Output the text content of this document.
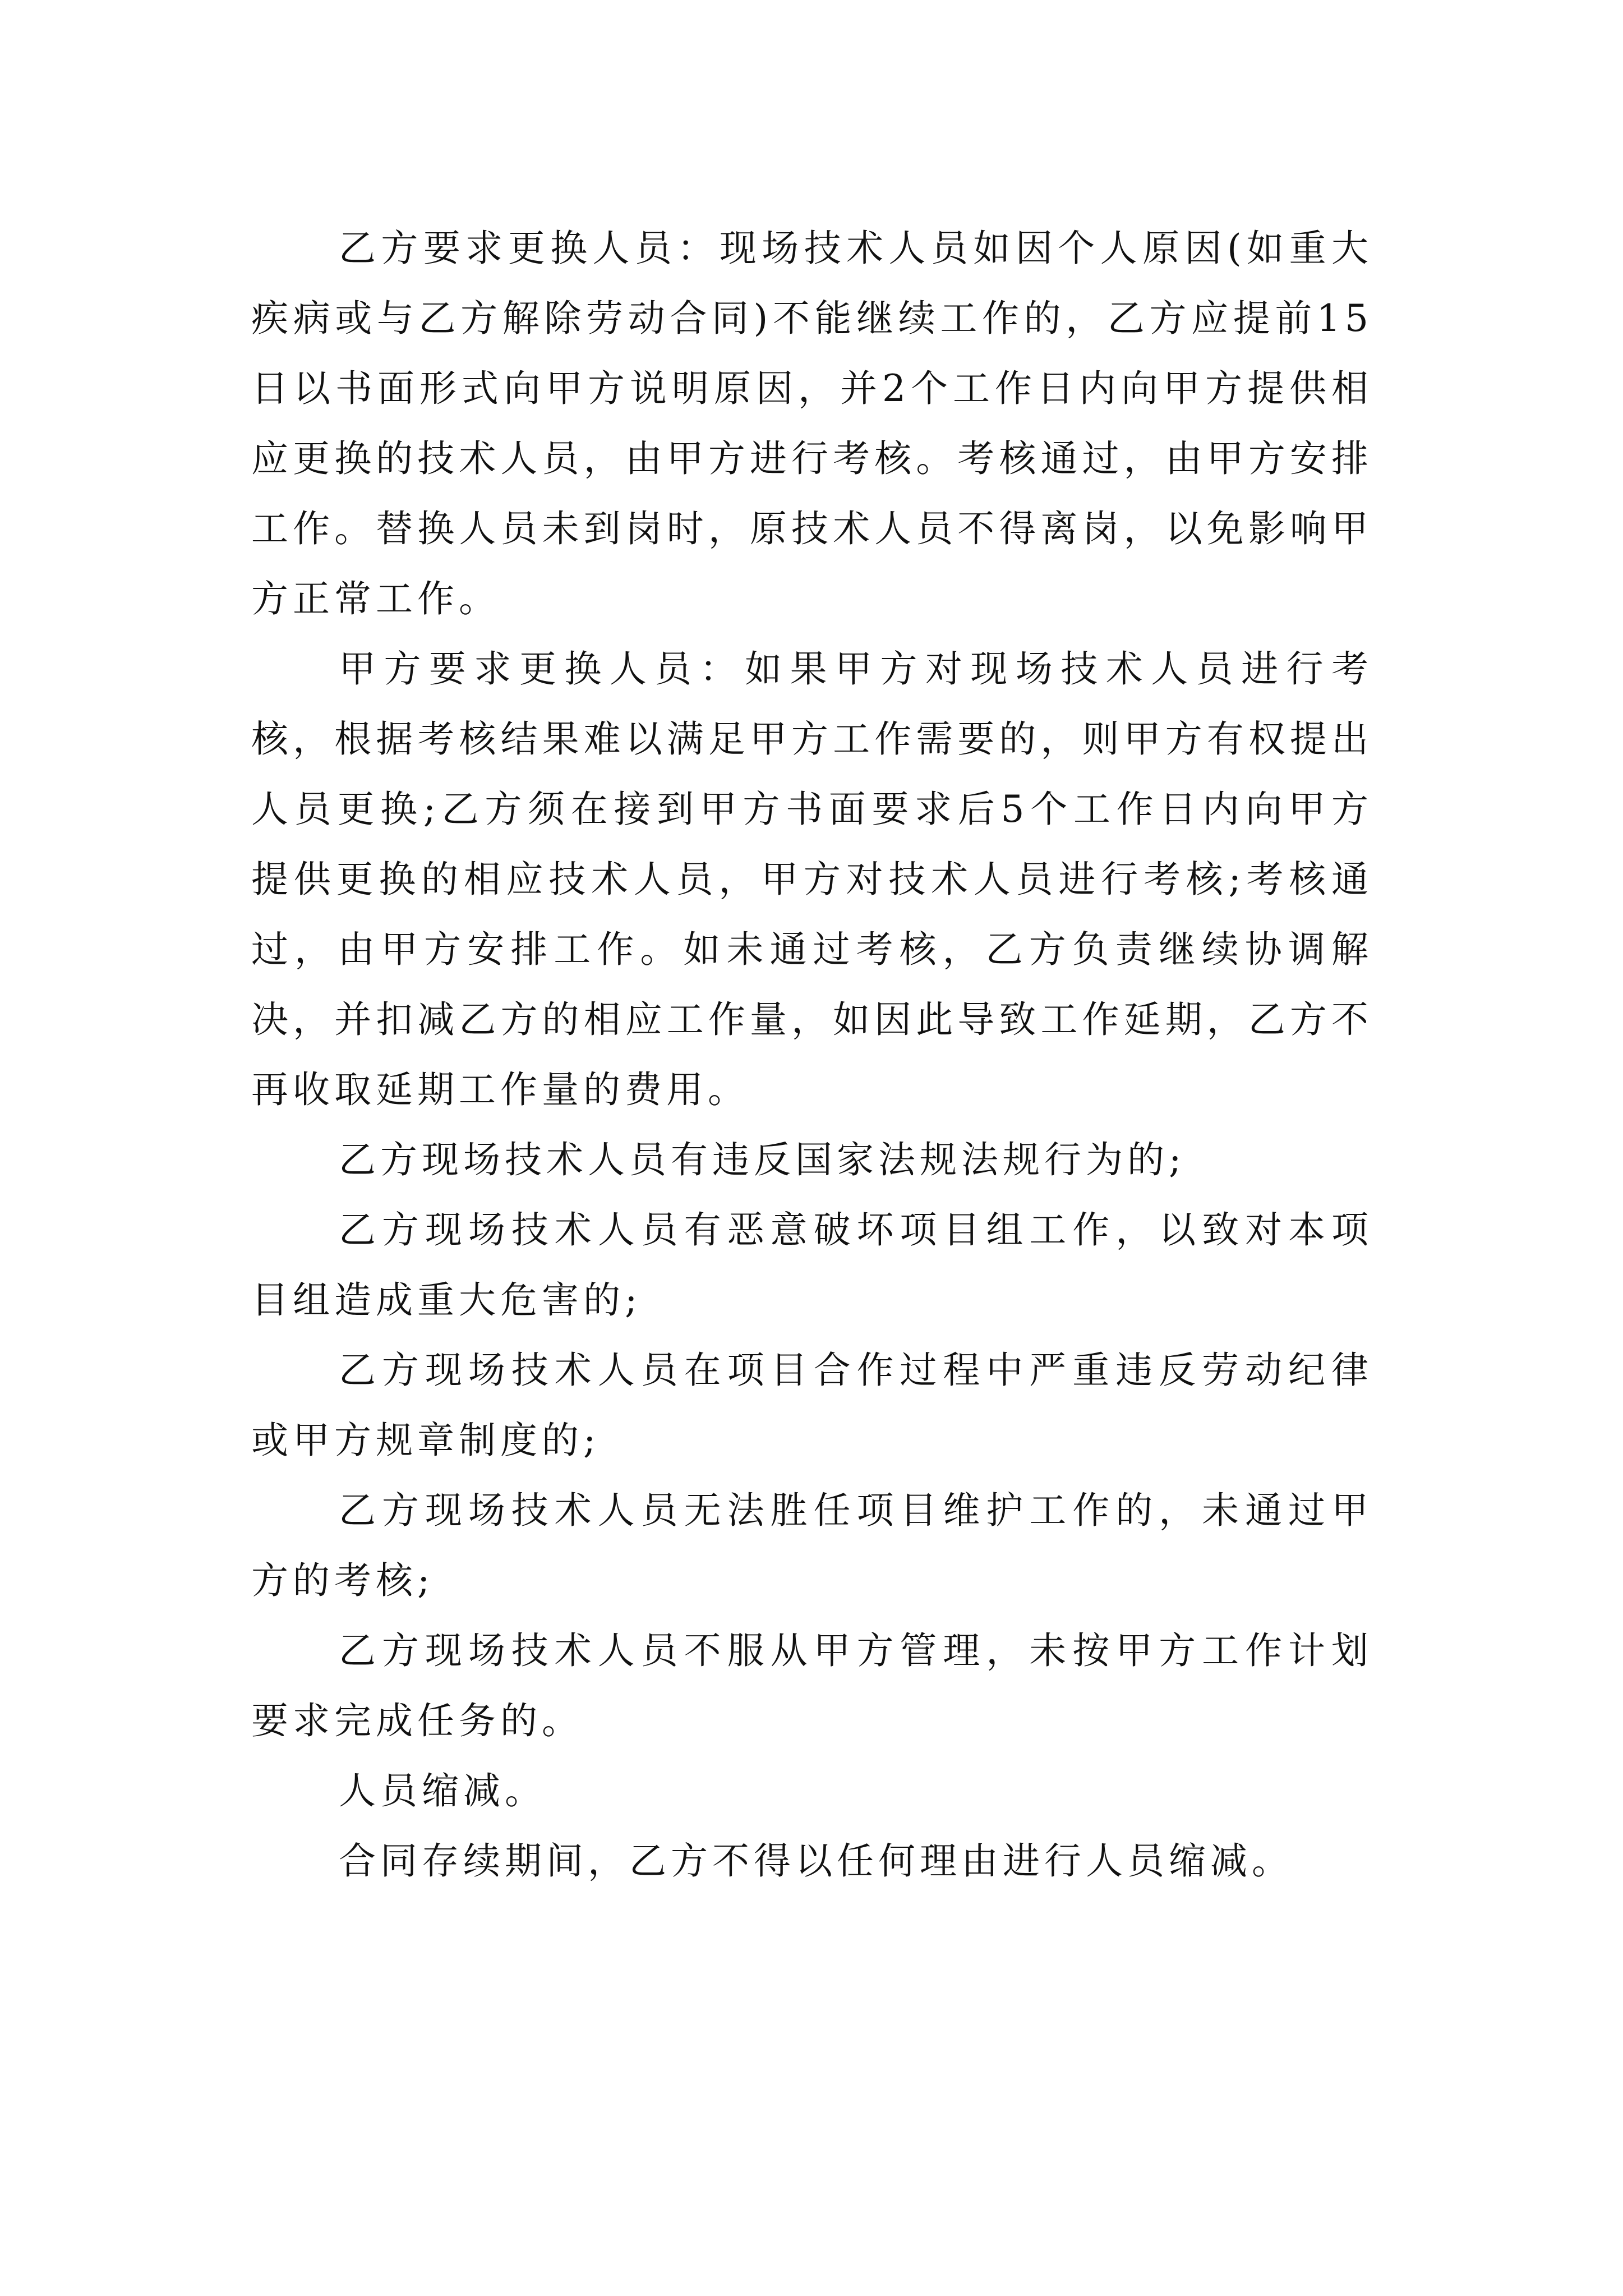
乙方要求更换人员：现场技术人员如因个人原因(如重大疾病或与乙方解除劳动合同)不能继续工作的，乙方应提前15日以书面形式向甲方说明原因，并2个工作日内向甲方提供相应更换的技术人员，由甲方进行考核。考核通过，由甲方安排工作。替换人员未到岗时，原技术人员不得离岗，以免影响甲方正常工作。

甲方要求更换人员：如果甲方对现场技术人员进行考核，根据考核结果难以满足甲方工作需要的，则甲方有权提出人员更换;乙方须在接到甲方书面要求后5个工作日内向甲方提供更换的相应技术人员，甲方对技术人员进行考核;考核通过，由甲方安排工作。如未通过考核，乙方负责继续协调解决，并扣减乙方的相应工作量，如因此导致工作延期，乙方不再收取延期工作量的费用。

乙方现场技术人员有违反国家法规法规行为的;

乙方现场技术人员有恶意破坏项目组工作，以致对本项目组造成重大危害的;

乙方现场技术人员在项目合作过程中严重违反劳动纪律或甲方规章制度的;

乙方现场技术人员无法胜任项目维护工作的，未通过甲方的考核;

乙方现场技术人员不服从甲方管理，未按甲方工作计划要求完成任务的。

人员缩减。

合同存续期间，乙方不得以任何理由进行人员缩减。
